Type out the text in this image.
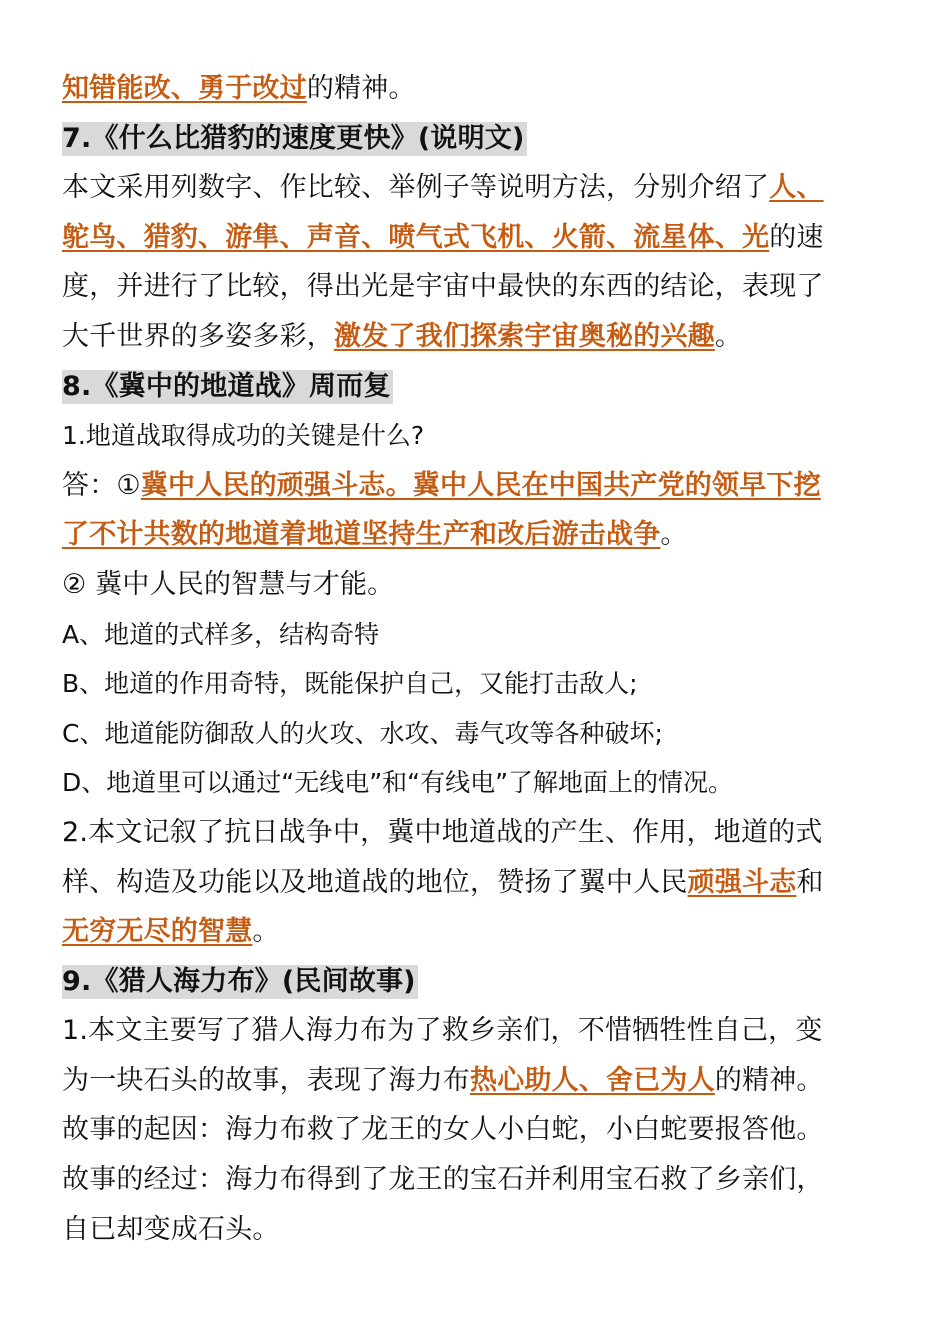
知错能改、勇于改过的精神。
7.《什么比猎豹的速度更快》(说明文)
本文采用列数字、作比较、举例子等说明方法，分别介绍了人、
鸵鸟、猎豹、游隼、声音、喷气式飞机、火箭、流星体、光的速
度，并进行了比较，得出光是宇宙中最快的东西的结论，表现了
大千世界的多姿多彩，激发了我们探索宇宙奥秘的兴趣。
8.《冀中的地道战》周而复
1.地道战取得成功的关键是什么?
答：①冀中人民的顽强斗志。冀中人民在中国共产党的领早下挖
了不计共数的地道着地道坚持生产和改后游击战争。
② 冀中人民的智慧与才能。
A、地道的式样多，结构奇特
B、地道的作用奇特，既能保护自己，又能打击敌人;
C、地道能防御敌人的火攻、水攻、毒气攻等各种破坏;
D、地道里可以通过“无线电”和“有线电”了解地面上的情况。
2.本文记叙了抗日战争中，冀中地道战的产生、作用，地道的式
样、构造及功能以及地道战的地位，赞扬了翼中人民顽强斗志和
无穷无尽的智慧。
9.《猎人海力布》(民间故事)
1.本文主要写了猎人海力布为了救乡亲们，不惜牺牲性自己，变
为一块石头的故事，表现了海力布热心助人、舍已为人的精神。
故事的起因：海力布救了龙王的女人小白蛇，小白蛇要报答他。
故事的经过：海力布得到了龙王的宝石并利用宝石救了乡亲们，
自已却变成石头。
